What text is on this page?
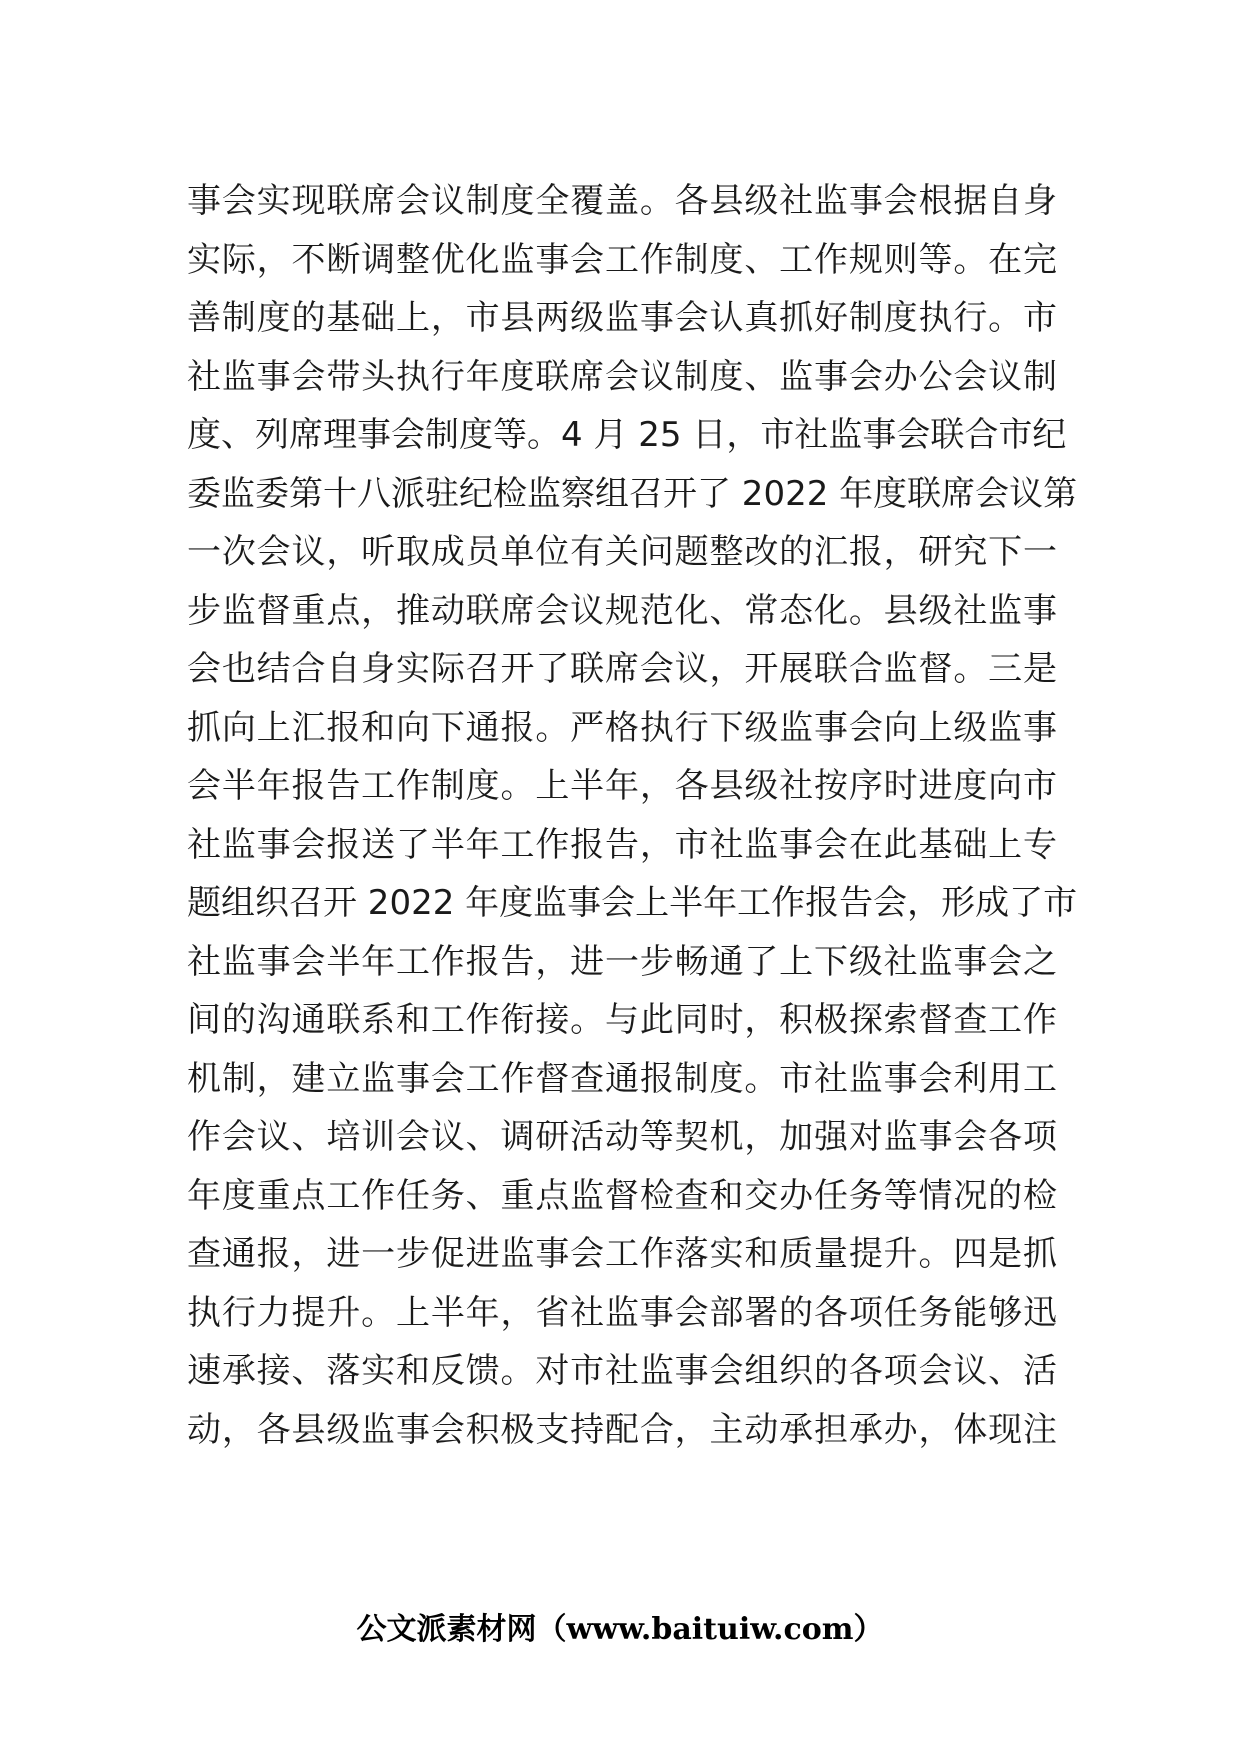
事会实现联席会议制度全覆盖。各县级社监事会根据自身
实际，不断调整优化监事会工作制度、工作规则等。在完
善制度的基础上，市县两级监事会认真抓好制度执行。市
社监事会带头执行年度联席会议制度、监事会办公会议制
度、列席理事会制度等。4 月 25 日，市社监事会联合市纪
委监委第十八派驻纪检监察组召开了 2022 年度联席会议第
一次会议，听取成员单位有关问题整改的汇报，研究下一
步监督重点，推动联席会议规范化、常态化。县级社监事
会也结合自身实际召开了联席会议，开展联合监督。三是
抓向上汇报和向下通报。严格执行下级监事会向上级监事
会半年报告工作制度。上半年，各县级社按序时进度向市
社监事会报送了半年工作报告，市社监事会在此基础上专
题组织召开 2022 年度监事会上半年工作报告会，形成了市
社监事会半年工作报告，进一步畅通了上下级社监事会之
间的沟通联系和工作衔接。与此同时，积极探索督查工作
机制，建立监事会工作督查通报制度。市社监事会利用工
作会议、培训会议、调研活动等契机，加强对监事会各项
年度重点工作任务、重点监督检查和交办任务等情况的检
查通报，进一步促进监事会工作落实和质量提升。四是抓
执行力提升。上半年，省社监事会部署的各项任务能够迅
速承接、落实和反馈。对市社监事会组织的各项会议、活
动，各县级监事会积极支持配合，主动承担承办，体现注
公文派素材网（www.baituiw.com）
